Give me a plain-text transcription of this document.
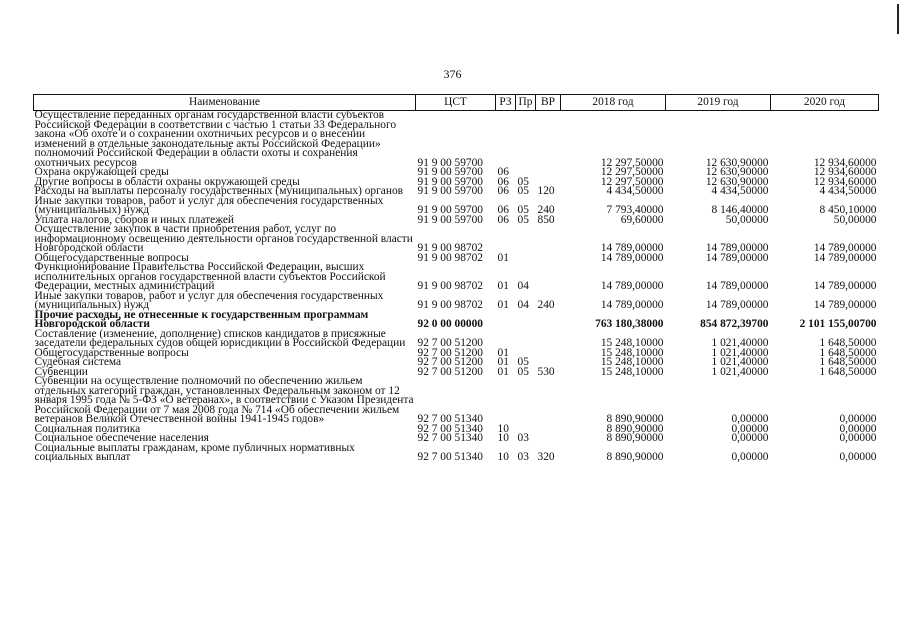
376
Наименование	ЦСТ	РЗ	Пр	ВР	2018 год	2019 год	2020 год
Осуществление переданных органам государственной власти субъектов Российской Федерации в соответствии с частью 1 статьи 33 Федерального закона «Об охоте и о сохранении охотничьих ресурсов и о внесении изменений в отдельные законодательные акты Российской Федерации» полномочий Российской Федерации в области охоты и сохранения охотничьих ресурсов	91 9 00 59700				12 297,50000	12 630,90000	12 934,60000
Охрана окружающей среды	91 9 00 59700	06			12 297,50000	12 630,90000	12 934,60000
Другие вопросы в области охраны окружающей среды	91 9 00 59700	06	05		12 297,50000	12 630,90000	12 934,60000
Расходы на выплаты персоналу государственных (муниципальных) органов	91 9 00 59700	06	05	120	4 434,50000	4 434,50000	4 434,50000
Иные закупки товаров, работ и услуг для обеспечения государственных (муниципальных) нужд	91 9 00 59700	06	05	240	7 793,40000	8 146,40000	8 450,10000
Уплата налогов, сборов и иных платежей	91 9 00 59700	06	05	850	69,60000	50,00000	50,00000
Осуществление закупок в части приобретения работ, услуг по информационному освещению деятельности органов государственной власти Новгородской области	91 9 00 98702				14 789,00000	14 789,00000	14 789,00000
Общегосударственные вопросы	91 9 00 98702	01			14 789,00000	14 789,00000	14 789,00000
Функционирование Правительства Российской Федерации, высших исполнительных органов государственной власти субъектов Российской Федерации, местных администраций	91 9 00 98702	01	04		14 789,00000	14 789,00000	14 789,00000
Иные закупки товаров, работ и услуг для обеспечения государственных (муниципальных) нужд	91 9 00 98702	01	04	240	14 789,00000	14 789,00000	14 789,00000
Прочие расходы, не отнесенные к государственным программам Новгородской области	92 0 00 00000				763 180,38000	854 872,39700	2 101 155,00700
Составление (изменение, дополнение) списков кандидатов в присяжные заседатели федеральных судов общей юрисдикции в Российской Федерации	92 7 00 51200				15 248,10000	1 021,40000	1 648,50000
Общегосударственные вопросы	92 7 00 51200	01			15 248,10000	1 021,40000	1 648,50000
Судебная система	92 7 00 51200	01	05		15 248,10000	1 021,40000	1 648,50000
Субвенции	92 7 00 51200	01	05	530	15 248,10000	1 021,40000	1 648,50000
Субвенции на осуществление полномочий по обеспечению жильем отдельных категорий граждан, установленных Федеральным законом от 12 января 1995 года № 5-ФЗ «О ветеранах», в соответствии с Указом Президента Российской Федерации от 7 мая 2008 года № 714 «Об обеспечении жильем ветеранов Великой Отечественной войны 1941-1945 годов»	92 7 00 51340				8 890,90000	0,00000	0,00000
Социальная политика	92 7 00 51340	10			8 890,90000	0,00000	0,00000
Социальное обеспечение населения	92 7 00 51340	10	03		8 890,90000	0,00000	0,00000
Социальные выплаты гражданам, кроме публичных нормативных социальных выплат	92 7 00 51340	10	03	320	8 890,90000	0,00000	0,00000
